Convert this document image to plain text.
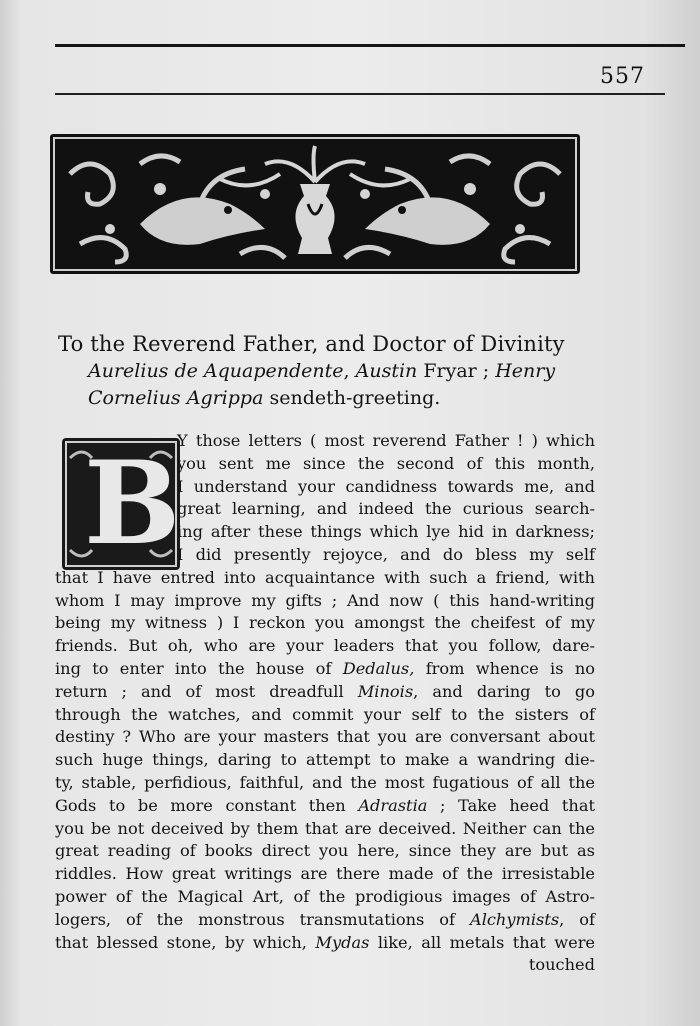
557
To the Reverend Father, and Doctor of Divinity
Aurelius de Aquapendente, Austin Fryar ; Henry
Cornelius Agrippa sendeth-greeting.
B
Y those letters ( most reverend Father ! ) which
you sent me since the second of this month,
I understand your candidness towards me, and
great learning, and indeed the curious search-
ing after these things which lye hid in darkness;
I did presently rejoyce, and do bless my self
that I have entred into acquaintance with such a friend, with
whom I may improve my gifts ; And now ( this hand-writing
being my witness ) I reckon you amongst the cheifest of my
friends. But oh, who are your leaders that you follow, dare-
ing to enter into the house of Dedalus, from whence is no
return ; and of most dreadfull Minois, and daring to go
through the watches, and commit your self to the sisters of
destiny ? Who are your masters that you are conversant about
such huge things, daring to attempt to make a wandring die-
ty, stable, perfidious, faithful, and the most fugatious of all the
Gods to be more constant then Adrastia ; Take heed that
you be not deceived by them that are deceived. Neither can the
great reading of books direct you here, since they are but as
riddles. How great writings are there made of the irresistable
power of the Magical Art, of the prodigious images of Astro-
logers, of the monstrous transmutations of Alchymists, of
that blessed stone, by which, Mydas like, all metals that were
touched
